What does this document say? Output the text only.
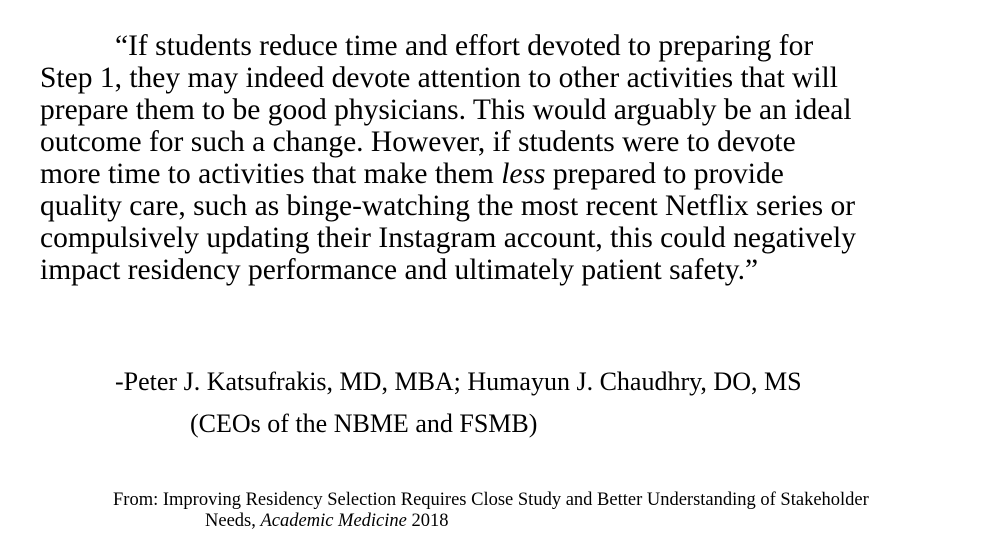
“If students reduce time and effort devoted to preparing for
Step 1, they may indeed devote attention to other activities that will
prepare them to be good physicians. This would arguably be an ideal
outcome for such a change. However, if students were to devote
more time to activities that make them less prepared to provide
quality care, such as binge-watching the most recent Netflix series or
compulsively updating their Instagram account, this could negatively
impact residency performance and ultimately patient safety.”
-Peter J. Katsufrakis, MD, MBA; Humayun J. Chaudhry, DO, MS
(CEOs of the NBME and FSMB)
From: Improving Residency Selection Requires Close Study and Better Understanding of Stakeholder
Needs, Academic Medicine 2018
